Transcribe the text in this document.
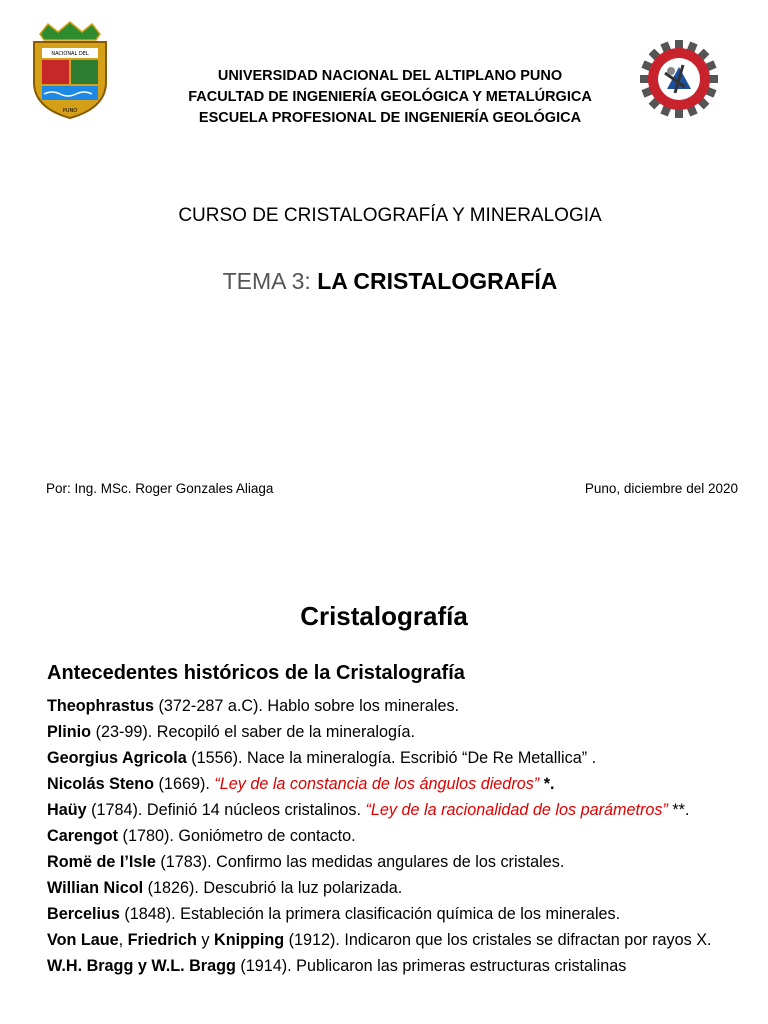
NACIONAL DEL
PUNO
UNIVERSIDAD NACIONAL DEL ALTIPLANO PUNO
FACULTAD DE INGENIERÍA GEOLÓGICA Y METALÚRGICA
ESCUELA PROFESIONAL DE INGENIERÍA GEOLÓGICA
CURSO DE CRISTALOGRAFÍA Y MINERALOGIA
TEMA 3: LA CRISTALOGRAFÍA
Por: Ing. MSc. Roger Gonzales Aliaga	Puno, diciembre del 2020
Cristalografía
Antecedentes históricos de la Cristalografía

Theophrastus (372-287 a.C). Hablo sobre los minerales.

Plinio (23-99). Recopiló el saber de la mineralogía.

Georgius Agricola (1556). Nace la mineralogía. Escribió “De Re Metallica” .

Nicolás Steno (1669). “Ley de la constancia de los ángulos diedros” *.

Haüy (1784). Definió 14 núcleos cristalinos. “Ley de la racionalidad de los parámetros” **.

Carengot (1780). Goniómetro de contacto.

Romë de I’Isle (1783). Confirmo las medidas angulares de los cristales.

Willian Nicol (1826). Descubrió la luz polarizada.

Bercelius (1848). Estableción la primera clasificación química de los minerales.

Von Laue, Friedrich y Knipping (1912). Indicaron que los cristales se difractan por rayos X.

W.H. Bragg y W.L. Bragg (1914). Publicaron las primeras estructuras cristalinas
